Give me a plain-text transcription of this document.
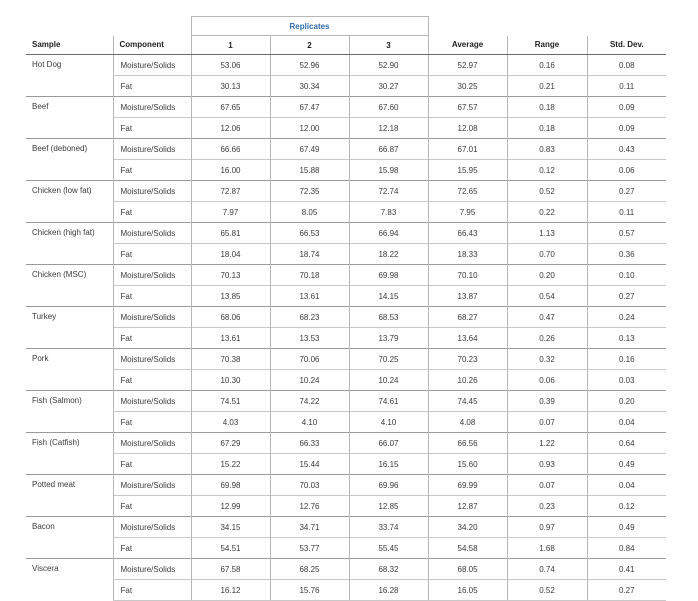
		Replicates					
Sample	Component	1	2	3	Average	Range	Std. Dev.
Hot Dog	Moisture/Solids	53.06	52.96	52.90	52.97	0.16	0.08
	Fat	30.13	30.34	30.27	30.25	0.21	0.11
Beef	Moisture/Solids	67.65	67.47	67.60	67.57	0.18	0.09
	Fat	12.06	12.00	12.18	12.08	0.18	0.09
Beef (deboned)	Moisture/Solids	66.66	67.49	66.87	67.01	0.83	0.43
	Fat	16.00	15.88	15.98	15.95	0.12	0.06
Chicken (low fat)	Moisture/Solids	72.87	72.35	72.74	72.65	0.52	0.27
	Fat	7.97	8.05	7.83	7.95	0.22	0.11
Chicken (high fat)	Moisture/Solids	65.81	66.53	66.94	66.43	1.13	0.57
	Fat	18.04	18.74	18.22	18.33	0.70	0.36
Chicken (MSC)	Moisture/Solids	70.13	70.18	69.98	70.10	0.20	0.10
	Fat	13.85	13.61	14.15	13.87	0.54	0.27
Turkey	Moisture/Solids	68.06	68.23	68.53	68.27	0.47	0.24
	Fat	13.61	13.53	13.79	13.64	0.26	0.13
Pork	Moisture/Solids	70.38	70.06	70.25	70.23	0.32	0.16
	Fat	10.30	10.24	10.24	10.26	0.06	0.03
Fish (Salmon)	Moisture/Solids	74.51	74.22	74.61	74.45	0.39	0.20
	Fat	4.03	4.10	4.10	4.08	0.07	0.04
Fish (Catfish)	Moisture/Solids	67.29	66.33	66.07	66.56	1.22	0.64
	Fat	15.22	15.44	16.15	15.60	0.93	0.49
Potted meat	Moisture/Solids	69.98	70.03	69.96	69.99	0.07	0.04
	Fat	12.99	12.76	12.85	12.87	0.23	0.12
Bacon	Moisture/Solids	34.15	34.71	33.74	34.20	0.97	0.49
	Fat	54.51	53.77	55.45	54.58	1.68	0.84
Viscera	Moisture/Solids	67.58	68.25	68.32	68.05	0.74	0.41
	Fat	16.12	15.76	16.28	16.05	0.52	0.27
